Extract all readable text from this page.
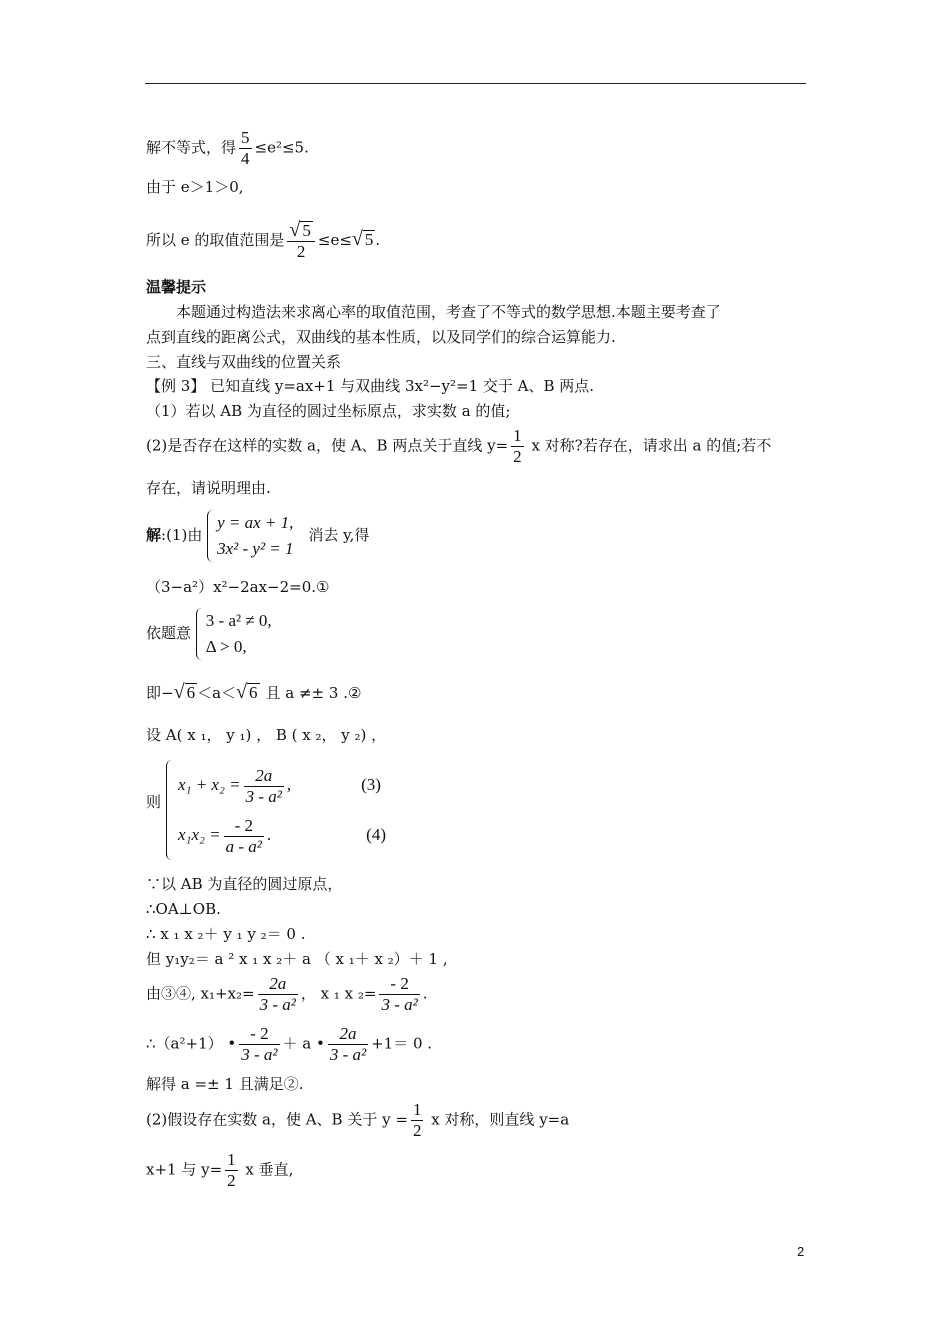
解不等式，得 $\frac{5}{4} \le e^2\le 5$.
由于 e＞1＞0,
所以 e 的取值范围是 $\frac{√ 5}{2} \le e\le$ √ 5 .
温馨提示
本题通过构造法来求离心率的取值范围，考查了不等式的数学思想.本题主要考查了
点到直线的距离公式，双曲线的基本性质，以及同学们的综合运算能力.
三、直线与双曲线的位置关系
【例 3】 已知直线 y=ax+1 与双曲线 3x²−y²=1 交于 A、B 两点.
（1）若以 AB 为直径的圆过坐标原点，求实数 a 的值;
(2)是否存在这样的实数 a，使 A、B 两点关于直线 $y= \frac{1}{2}$ x 对称?若存在，请求出 a 的值;若不
存在，请说明理由.
解:(1)由
y = ax + 1,
3x² - y² = 1
消去 y,得
（3−a²）x²−2ax−2=0.①
依题意
3 - a² ≠ 0,
Δ > 0,
即− √ 6 ＜a＜ √ 6 且 a ≠± 3 .②
设 A( x ₁， y ₁) ， B ( x ₂， y ₂) ，
则
$x_1 + x_2 = \frac{2a}{\text{3 - a²}}$ ,	(3)
$x_1x_2 = \frac{- 2}{\text{a - a²}}$ .	(4)
∵以 AB 为直径的圆过原点，
∴OA⊥OB.
∴ x ₁ x ₂＋ y ₁ y ₂＝ 0 .
但 y₁y₂＝ a ² x ₁ x ₂＋ a （ x ₁＋ x ₂）＋ 1 ,
由③④, $x_1+x_2= \frac{2a}{\text{3 - a²}}$ ， x ₁ x $_2= \frac{- 2}{\text{3 - a²}}$ .
∴（a²+1） • $\frac{- 2}{\text{3 - a²}} + a$ • $\frac{2a}{\text{3 - a²}} +1= 0$ .
解得 a =± 1 且满足②.
(2)假设存在实数 a，使 A、B 关于 $y = \frac{1}{2}$ x 对称，则直线 y=a
x+1 与 $y= \frac{1}{2}$ x 垂直,
2
